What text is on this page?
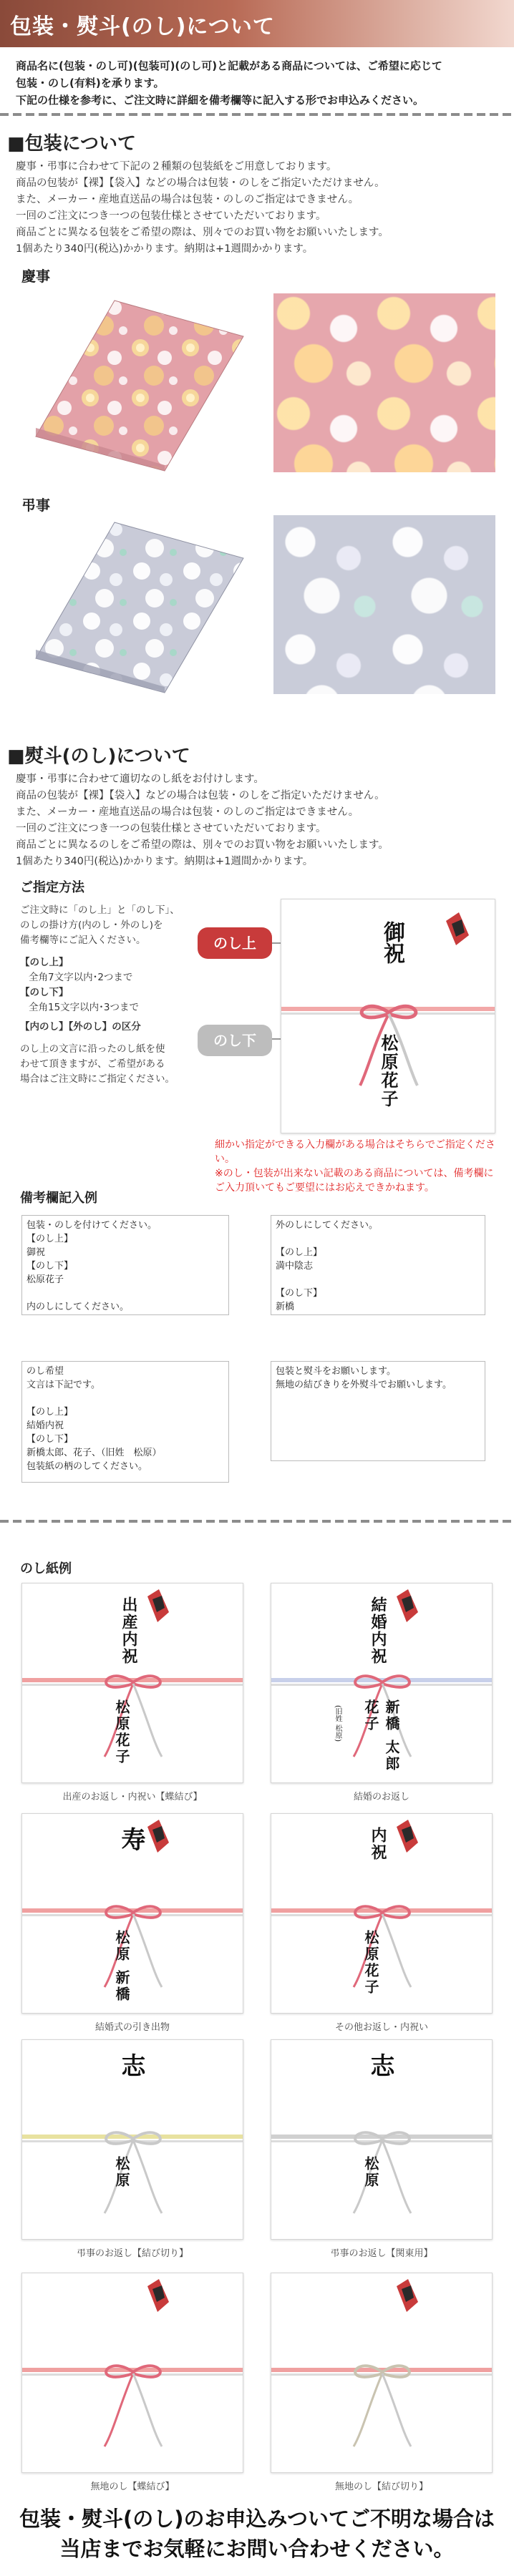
包装・熨斗(のし)について

商品名に(包装・のし可)(包装可)(のし可)と記載がある商品については、ご希望に応じて

包装・のし(有料)を承ります。

下記の仕様を参考に、ご注文時に詳細を備考欄等に記入する形でお申込みください。

■包装について

慶事・弔事に合わせて下記の２種類の包装紙をご用意しております。

商品の包装が【裸】【袋入】などの場合は包装・のしをご指定いただけません。

また、メーカー・産地直送品の場合は包装・のしのご指定はできません。

一回のご注文につき一つの包装仕様とさせていただいております。

商品ごとに異なる包装をご希望の際は、別々でのお買い物をお願いいたします。

1個あたり340円(税込)かかります。納期は+1週間かかります。

慶事
弔事
■熨斗(のし)について

慶事・弔事に合わせて適切なのし紙をお付けします。

商品の包装が【裸】【袋入】などの場合は包装・のしをご指定いただけません。

また、メーカー・産地直送品の場合は包装・のしのご指定はできません。

一回のご注文につき一つの包装仕様とさせていただいております。

商品ごとに異なるのしをご希望の際は、別々でのお買い物をお願いいたします。

1個あたり340円(税込)かかります。納期は+1週間かかります。

ご指定方法

ご注文時に「のし上」と「のし下」、

のしの掛け方(内のし・外のし)を

備考欄等にご記入ください。

【のし上】

全角7文字以内･2つまで

【のし下】

全角15文字以内･3つまで

【内のし】【外のし】の区分

のし上の文言に沿ったのし紙を使

わせて頂きますが、ご希望がある

場合はご注文時にご指定ください。

のし上
のし下
御祝
松原花子

細かい指定ができる入力欄がある場合はそちらでご指定ください。

※のし・包装が出来ない記載のある商品については、備考欄に

ご入力頂いてもご要望にはお応えできかねます。

備考欄記入例
包装・のしを付けてください。
【のし上】
御祝
【のし下】
松原花子
内のしにしてください。
外のしにしてください。
【のし上】
満中陰志
【のし下】
新橋
のし希望
文言は下記です。
【のし上】
結婚内祝
【のし下】
新橋太郎、花子、（旧姓　松原）
包装紙の柄のしてください。
包装と熨斗をお願いします。
無地の結びきりを外熨斗でお願いします。
のし紙例
出産内祝
松原花子
出産のお返し・内祝い【蝶結び】
結婚内祝
新橋 太郎 花子
(旧姓 松原)
結婚のお返し
寿
松原 新橋
結婚式の引き出物
内祝
松原花子
その他お返し・内祝い
志
松原
弔事のお返し【結び切り】
志
松原
弔事のお返し【関東用】
無地のし【蝶結び】	無地のし【結び切り】
包装・熨斗(のし)のお申込みついてご不明な場合は
当店までお気軽にお問い合わせください。
